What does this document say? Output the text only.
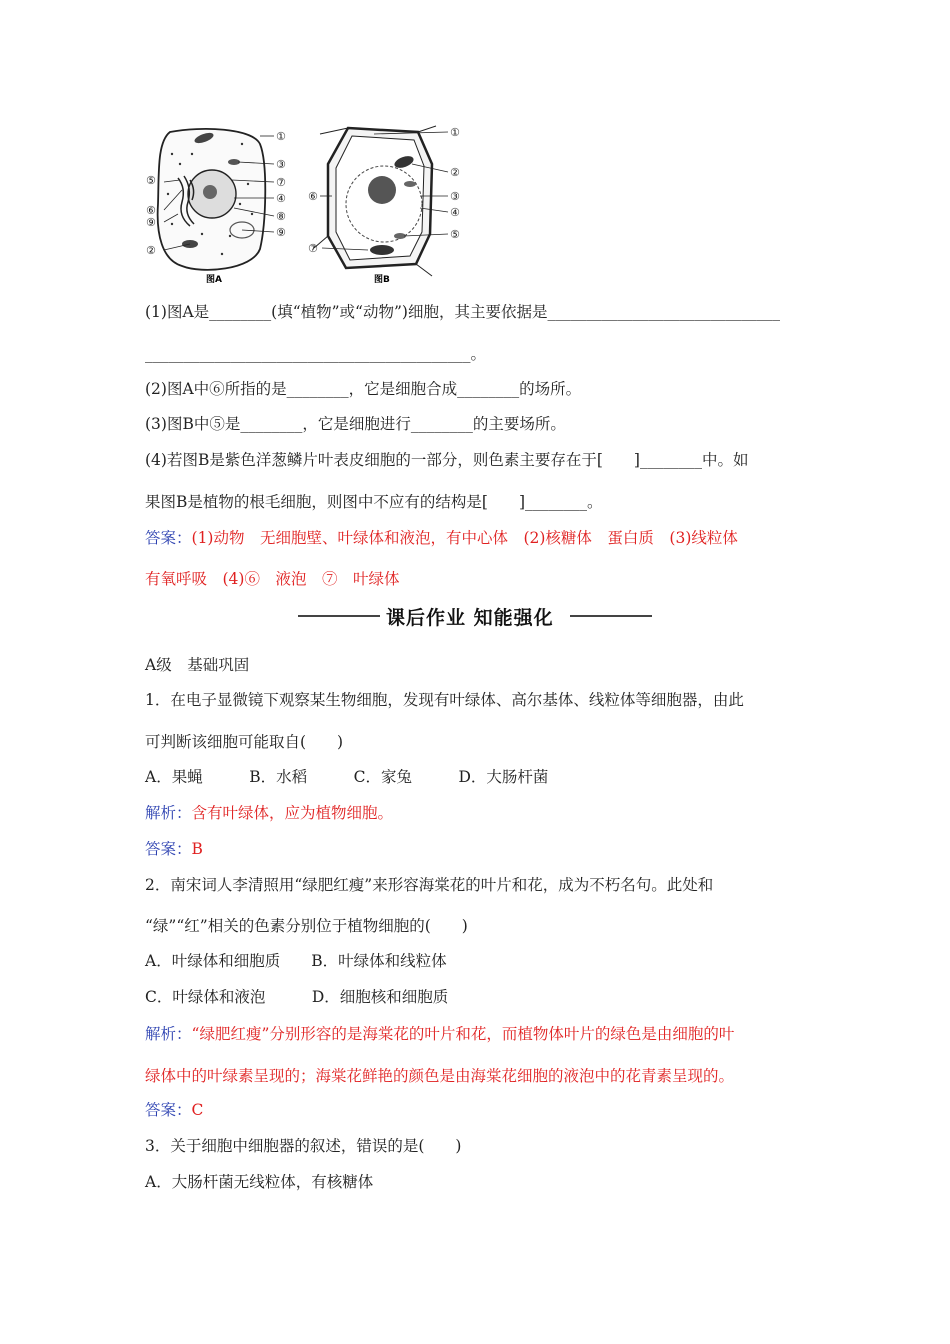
①
③
⑤	⑦
④
⑥
⑨	⑧
⑨
②
图A
①
②
⑥	③
④
⑤
⑦
图B
(1)图A是________(填“植物”或“动物”)细胞，其主要依据是______________________________
__________________________________________。
(2)图A中⑥所指的是________，它是细胞合成________的场所。
(3)图B中⑤是________，它是细胞进行________的主要场所。
(4)若图B是紫色洋葱鳞片叶表皮细胞的一部分，则色素主要存在于[　　]________中。如
果图B是植物的根毛细胞，则图中不应有的结构是[　　]________。
答案：(1)动物　无细胞壁、叶绿体和液泡，有中心体　(2)核糖体　蛋白质　(3)线粒体
有氧呼吸　(4)⑥　液泡　⑦　叶绿体
课后作业 知能强化
A级　基础巩固
1．在电子显微镜下观察某生物细胞，发现有叶绿体、高尔基体、线粒体等细胞器，由此
可判断该细胞可能取自(　　)
A．果蝇　　　B．水稻　　　C．家兔　　　D．大肠杆菌
解析：含有叶绿体，应为植物细胞。
答案：B
2．南宋词人李清照用“绿肥红瘦”来形容海棠花的叶片和花，成为不朽名句。此处和
“绿”“红”相关的色素分别位于植物细胞的(　　)
A．叶绿体和细胞质　　B．叶绿体和线粒体
C．叶绿体和液泡　　　D．细胞核和细胞质
解析：“绿肥红瘦”分别形容的是海棠花的叶片和花，而植物体叶片的绿色是由细胞的叶
绿体中的叶绿素呈现的；海棠花鲜艳的颜色是由海棠花细胞的液泡中的花青素呈现的。
答案：C
3．关于细胞中细胞器的叙述，错误的是(　　)
A．大肠杆菌无线粒体，有核糖体
